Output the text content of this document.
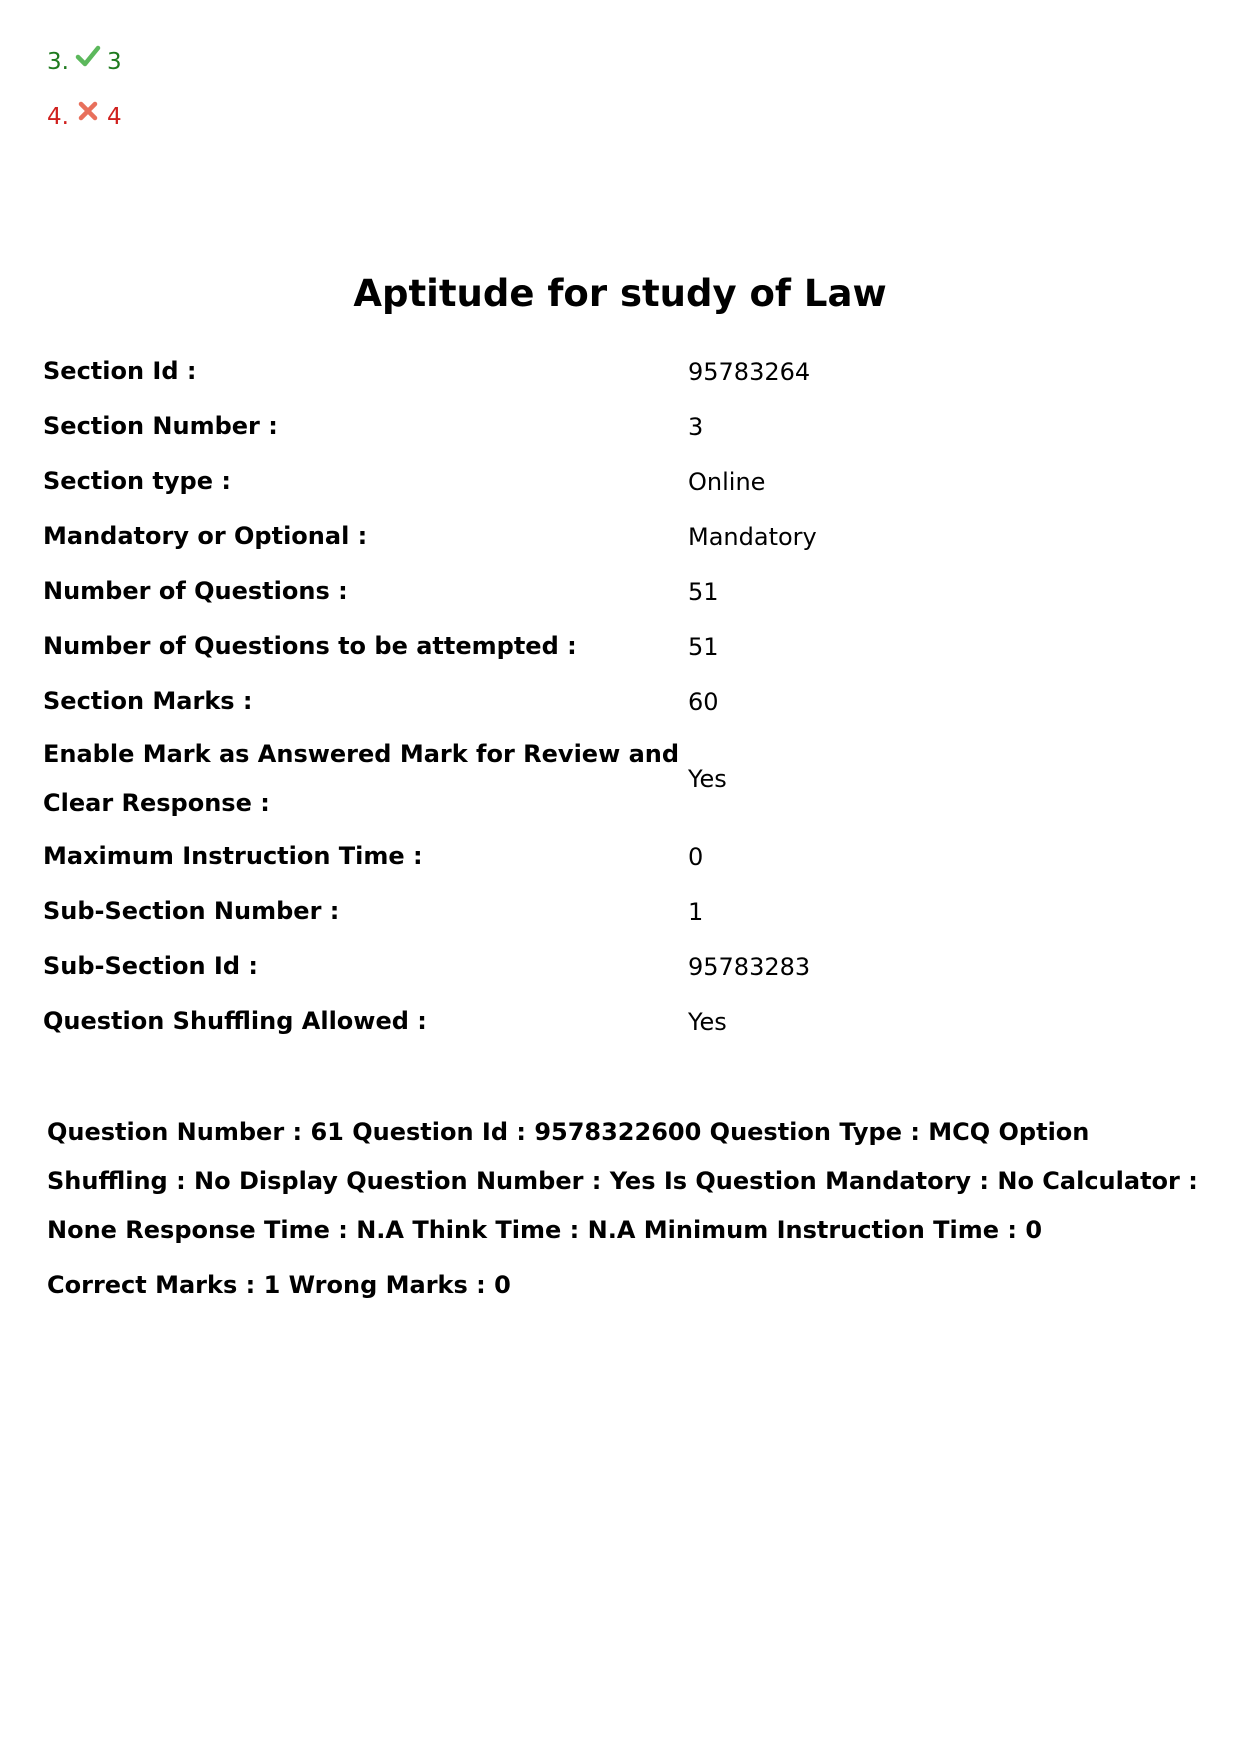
3. 3
4. 4
Aptitude for study of Law
Section Id :	95783264
Section Number :	3
Section type :	Online
Mandatory or Optional :	Mandatory
Number of Questions :	51
Number of Questions to be attempted :	51
Section Marks :	60
Enable Mark as Answered Mark for Review and Clear Response :
Yes
Maximum Instruction Time :	0
Sub-Section Number :	1
Sub-Section Id :	95783283
Question Shuffling Allowed :	Yes
Question Number : 61 Question Id : 9578322600 Question Type : MCQ Option Shuffling : No Display Question Number : Yes Is Question Mandatory : No Calculator : None Response Time : N.A Think Time : N.A Minimum Instruction Time : 0
Correct Marks : 1 Wrong Marks : 0
